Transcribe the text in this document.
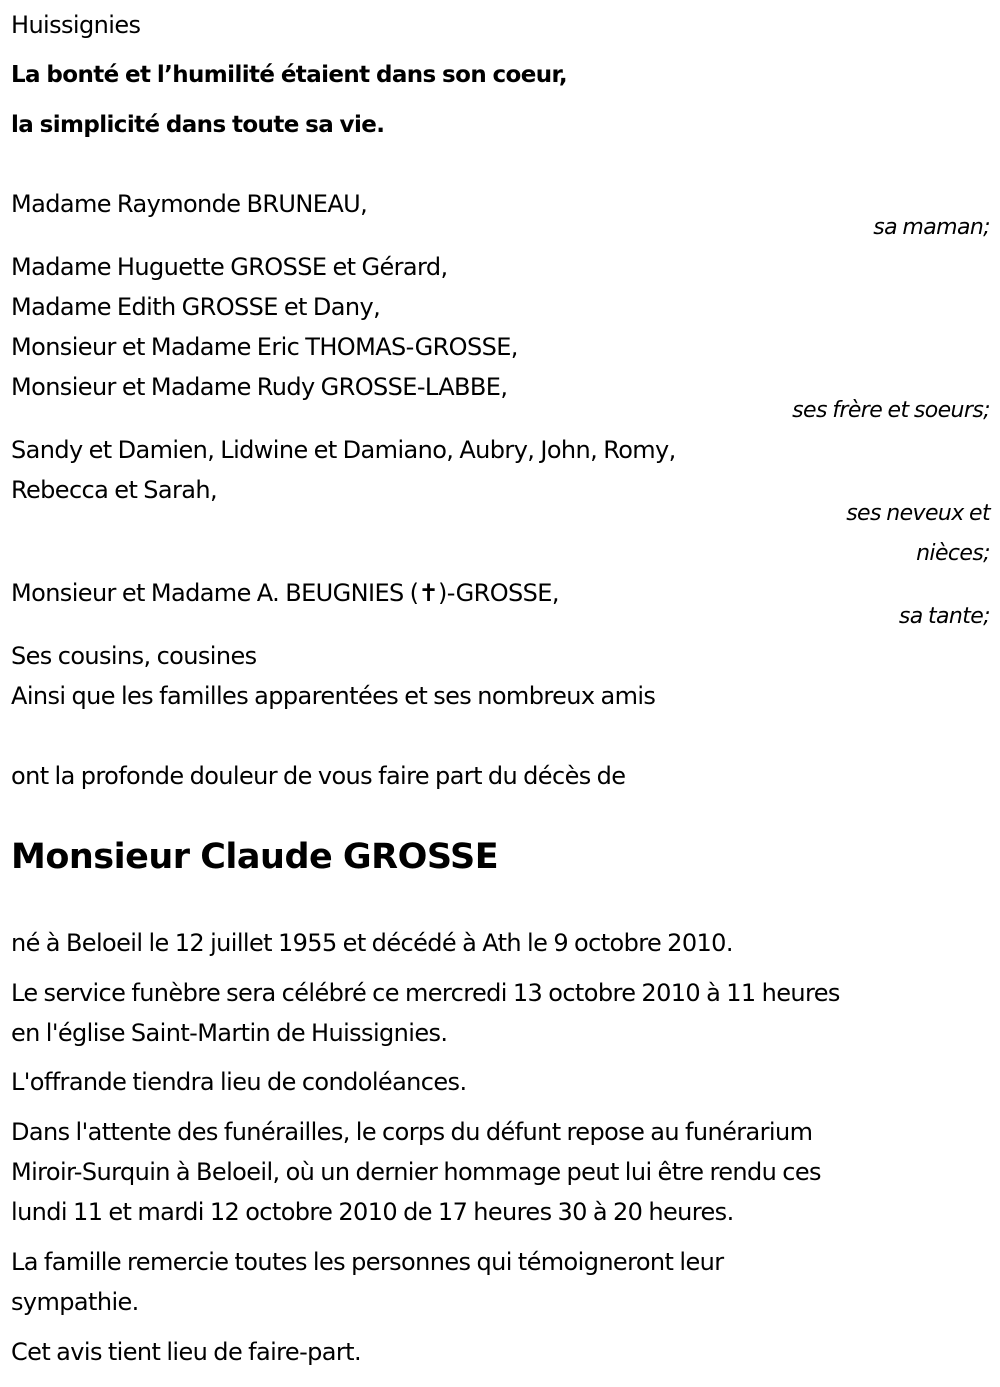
Huissignies
La bonté et l’humilité étaient dans son coeur,
la simplicité dans toute sa vie.
Madame Raymonde BRUNEAU,
sa maman;
Madame Huguette GROSSE et Gérard,
Madame Edith GROSSE et Dany,
Monsieur et Madame Eric THOMAS-GROSSE,
Monsieur et Madame Rudy GROSSE-LABBE,
ses frère et soeurs;
Sandy et Damien, Lidwine et Damiano, Aubry, John, Romy,
Rebecca et Sarah,
ses neveux et
nièces;
Monsieur et Madame A. BEUGNIES (✝)-GROSSE,
sa tante;
Ses cousins, cousines
Ainsi que les familles apparentées et ses nombreux amis
ont la profonde douleur de vous faire part du décès de
Monsieur Claude GROSSE
né à Beloeil le 12 juillet 1955 et décédé à Ath le 9 octobre 2010.
Le service funèbre sera célébré ce mercredi 13 octobre 2010 à 11 heures
en l'église Saint-Martin de Huissignies.
L'offrande tiendra lieu de condoléances.
Dans l'attente des funérailles, le corps du défunt repose au funérarium
Miroir-Surquin à Beloeil, où un dernier hommage peut lui être rendu ces
lundi 11 et mardi 12 octobre 2010 de 17 heures 30 à 20 heures.
La famille remercie toutes les personnes qui témoigneront leur
sympathie.
Cet avis tient lieu de faire-part.
